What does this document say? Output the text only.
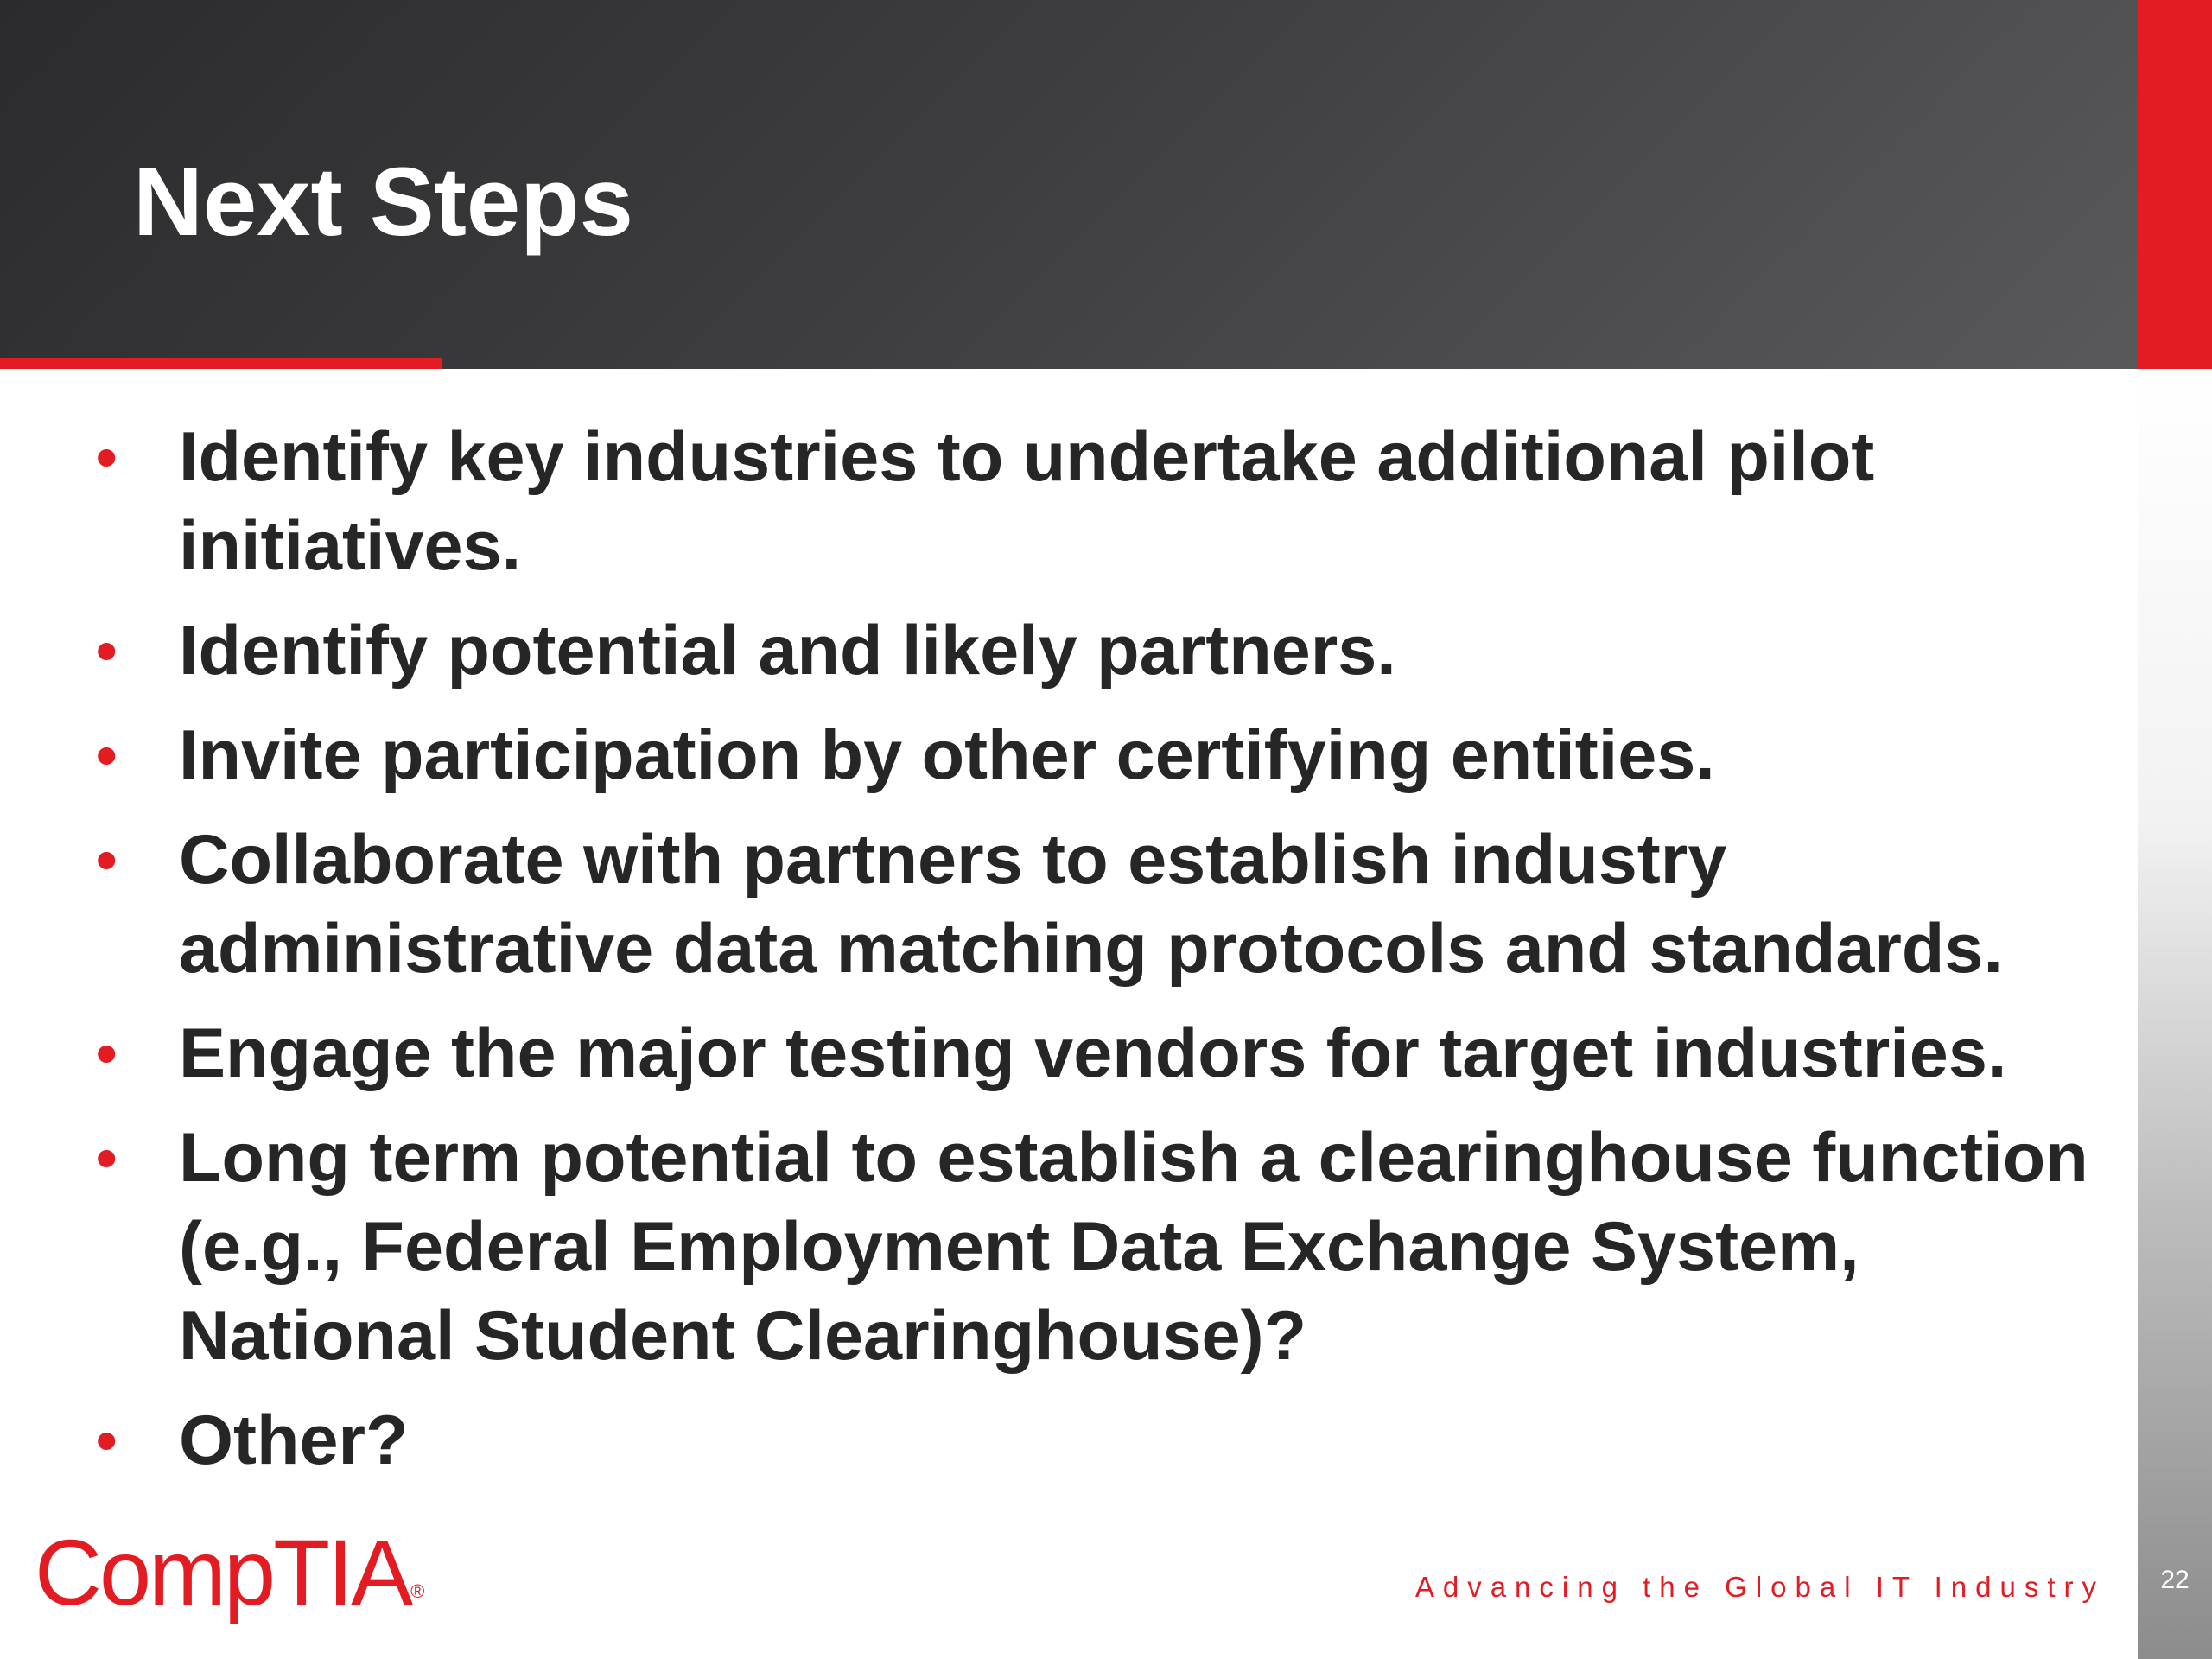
Next Steps
• Identify key industries to undertake additional pilot initiatives.
• Identify potential and likely partners.
• Invite participation by other certifying entities.
• Collaborate with partners to establish industry administrative data matching protocols and standards.
• Engage the major testing vendors for target industries.
• Long term potential to establish a clearinghouse function (e.g., Federal Employment Data Exchange System, National Student Clearinghouse)?
• Other?
CompTIA®	Advancing the Global IT Industry	22
